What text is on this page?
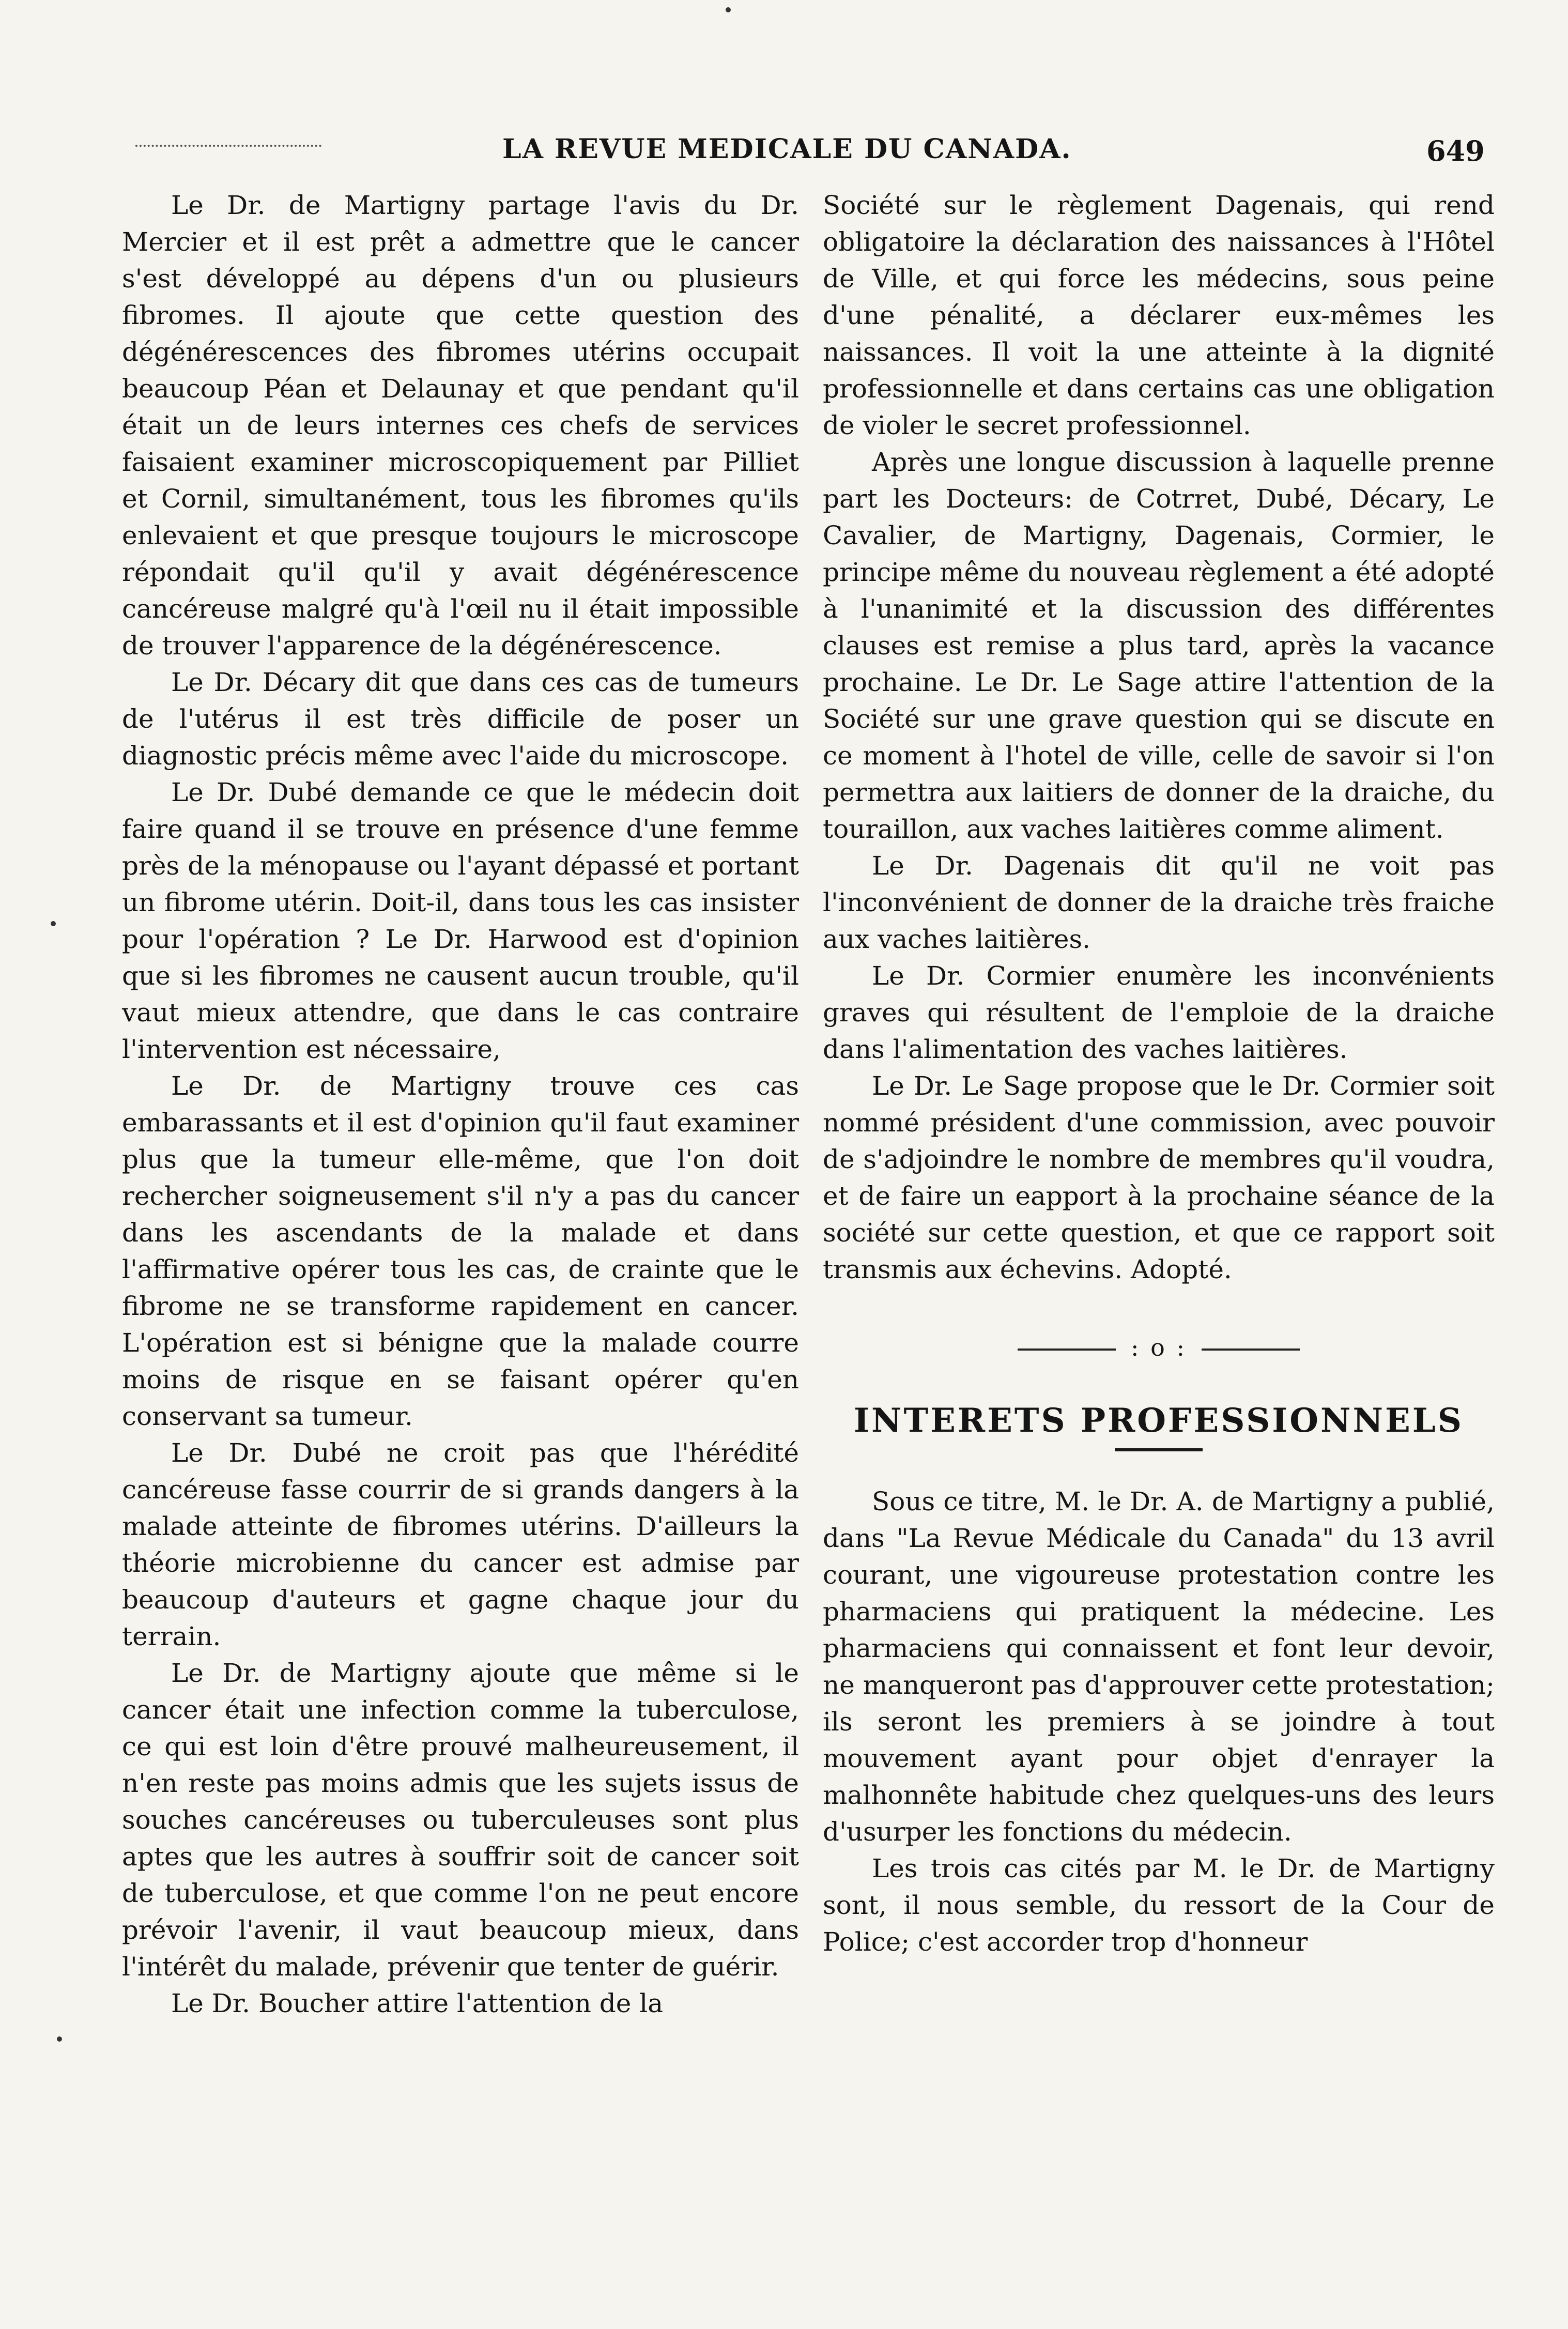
LA REVUE MEDICALE DU CANADA.	649

Le Dr. de Martigny partage l'avis du Dr. Mercier et il est prêt a admettre que le cancer s'est développé au dépens d'un ou plusieurs fibromes. Il ajoute que cette question des dégénérescences des fibromes utérins occupait beaucoup Péan et Delaunay et que pendant qu'il était un de leurs internes ces chefs de services faisaient examiner microscopiquement par Pilliet et Cornil, simultanément, tous les fibromes qu'ils enlevaient et que presque toujours le microscope répondait qu'il qu'il y avait dégénérescence cancéreuse malgré qu'à l'œil nu il était impossible de trouver l'apparence de la dégénérescence.

Le Dr. Décary dit que dans ces cas de tumeurs de l'utérus il est très difficile de poser un diagnostic précis même avec l'aide du microscope.

Le Dr. Dubé demande ce que le médecin doit faire quand il se trouve en présence d'une femme près de la ménopause ou l'ayant dépassé et portant un fibrome utérin. Doit-il, dans tous les cas insister pour l'opération ? Le Dr. Harwood est d'opinion que si les fibromes ne causent aucun trouble, qu'il vaut mieux attendre, que dans le cas contraire l'intervention est nécessaire,

Le Dr. de Martigny trouve ces cas embarassants et il est d'opinion qu'il faut examiner plus que la tumeur elle-même, que l'on doit rechercher soigneusement s'il n'y a pas du cancer dans les ascendants de la malade et dans l'affirmative opérer tous les cas, de crainte que le fibrome ne se transforme rapidement en cancer. L'opération est si bénigne que la malade courre moins de risque en se faisant opérer qu'en conservant sa tumeur.

Le Dr. Dubé ne croit pas que l'hérédité cancéreuse fasse courrir de si grands dangers à la malade atteinte de fibromes utérins. D'ailleurs la théorie microbienne du cancer est admise par beaucoup d'auteurs et gagne chaque jour du terrain.

Le Dr. de Martigny ajoute que même si le cancer était une infection comme la tuberculose, ce qui est loin d'être prouvé malheureusement, il n'en reste pas moins admis que les sujets issus de souches cancéreuses ou tuberculeuses sont plus aptes que les autres à souffrir soit de cancer soit de tuberculose, et que comme l'on ne peut encore prévoir l'avenir, il vaut beaucoup mieux, dans l'intérêt du malade, prévenir que tenter de guérir.

Le Dr. Boucher attire l'attention de la

Société sur le règlement Dagenais, qui rend obligatoire la déclaration des naissances à l'Hôtel de Ville, et qui force les médecins, sous peine d'une pénalité, a déclarer eux-mêmes les naissances. Il voit la une atteinte à la dignité professionnelle et dans certains cas une obligation de violer le secret professionnel.

Après une longue discussion à laquelle prenne part les Docteurs: de Cotrret, Dubé, Décary, Le Cavalier, de Martigny, Dagenais, Cormier, le principe même du nouveau règlement a été adopté à l'unanimité et la discussion des différentes clauses est remise a plus tard, après la vacance prochaine. Le Dr. Le Sage attire l'attention de la Société sur une grave question qui se discute en ce moment à l'hotel de ville, celle de savoir si l'on permettra aux laitiers de donner de la draiche, du touraillon, aux vaches laitières comme aliment.

Le Dr. Dagenais dit qu'il ne voit pas l'inconvénient de donner de la draiche très fraiche aux vaches laitières.

Le Dr. Cormier enumère les inconvénients graves qui résultent de l'emploie de la draiche dans l'alimentation des vaches laitières.

Le Dr. Le Sage propose que le Dr. Cormier soit nommé président d'une commission, avec pouvoir de s'adjoindre le nombre de membres qu'il voudra, et de faire un eapport à la prochaine séance de la société sur cette question, et que ce rapport soit transmis aux échevins. Adopté.

: o :
INTERETS PROFESSIONNELS

Sous ce titre, M. le Dr. A. de Martigny a publié, dans "La Revue Médicale du Canada" du 13 avril courant, une vigoureuse protestation contre les pharmaciens qui pratiquent la médecine. Les pharmaciens qui connaissent et font leur devoir, ne manqueront pas d'approuver cette protestation; ils seront les premiers à se joindre à tout mouvement ayant pour objet d'enrayer la malhonnête habitude chez quelques-uns des leurs d'usurper les fonctions du médecin.

Les trois cas cités par M. le Dr. de Martigny sont, il nous semble, du ressort de la Cour de Police; c'est accorder trop d'honneur
